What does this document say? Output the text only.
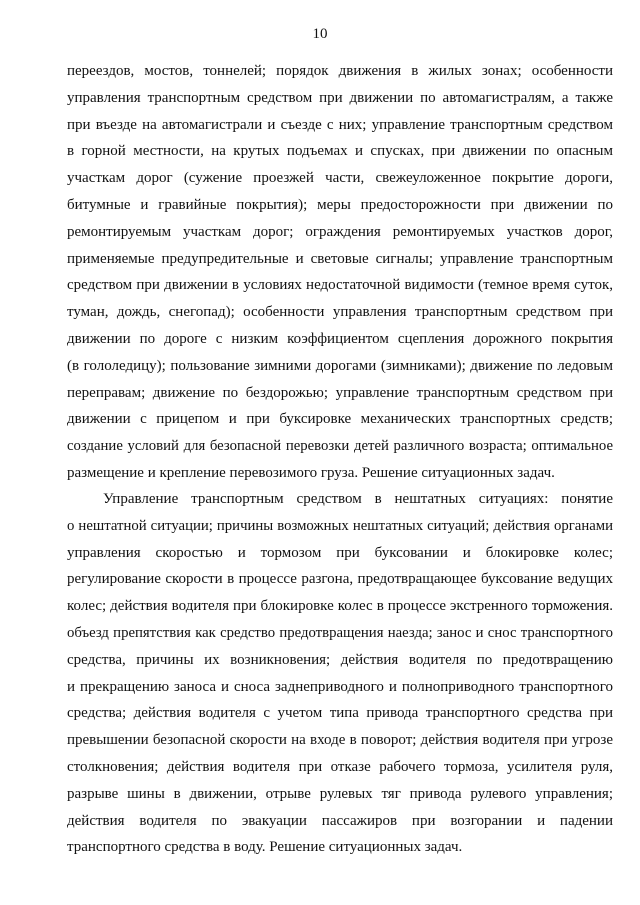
10
переездов, мостов, тоннелей; порядок движения в жилых зонах; особенности
управления транспортным средством при движении по автомагистралям, а также
при въезде на автомагистрали и съезде с них; управление транспортным средством
в горной местности, на крутых подъемах и спусках, при движении по опасным
участкам дорог (сужение проезжей части, свежеуложенное покрытие дороги,
битумные и гравийные покрытия); меры предосторожности при движении по
ремонтируемым участкам дорог; ограждения ремонтируемых участков дорог,
применяемые предупредительные и световые сигналы; управление транспортным
средством при движении в условиях недостаточной видимости (темное время суток,
туман, дождь, снегопад); особенности управления транспортным средством при
движении по дороге с низким коэффициентом сцепления дорожного покрытия
(в гололедицу); пользование зимними дорогами (зимниками); движение по ледовым
переправам; движение по бездорожью; управление транспортным средством при
движении с прицепом и при буксировке механических транспортных средств;
создание условий для безопасной перевозки детей различного возраста; оптимальное
размещение и крепление перевозимого груза. Решение ситуационных задач.
Управление транспортным средством в нештатных ситуациях: понятие
о нештатной ситуации; причины возможных нештатных ситуаций; действия органами
управления скоростью и тормозом при буксовании и блокировке колес;
регулирование скорости в процессе разгона, предотвращающее буксование ведущих
колес; действия водителя при блокировке колес в процессе экстренного торможения.
объезд препятствия как средство предотвращения наезда; занос и снос транспортного
средства, причины их возникновения; действия водителя по предотвращению
и прекращению заноса и сноса заднеприводного и полноприводного транспортного
средства; действия водителя с учетом типа привода транспортного средства при
превышении безопасной скорости на входе в поворот; действия водителя при угрозе
столкновения; действия водителя при отказе рабочего тормоза, усилителя руля,
разрыве шины в движении, отрыве рулевых тяг привода рулевого управления;
действия водителя по эвакуации пассажиров при возгорании и падении
транспортного средства в воду. Решение ситуационных задач.
